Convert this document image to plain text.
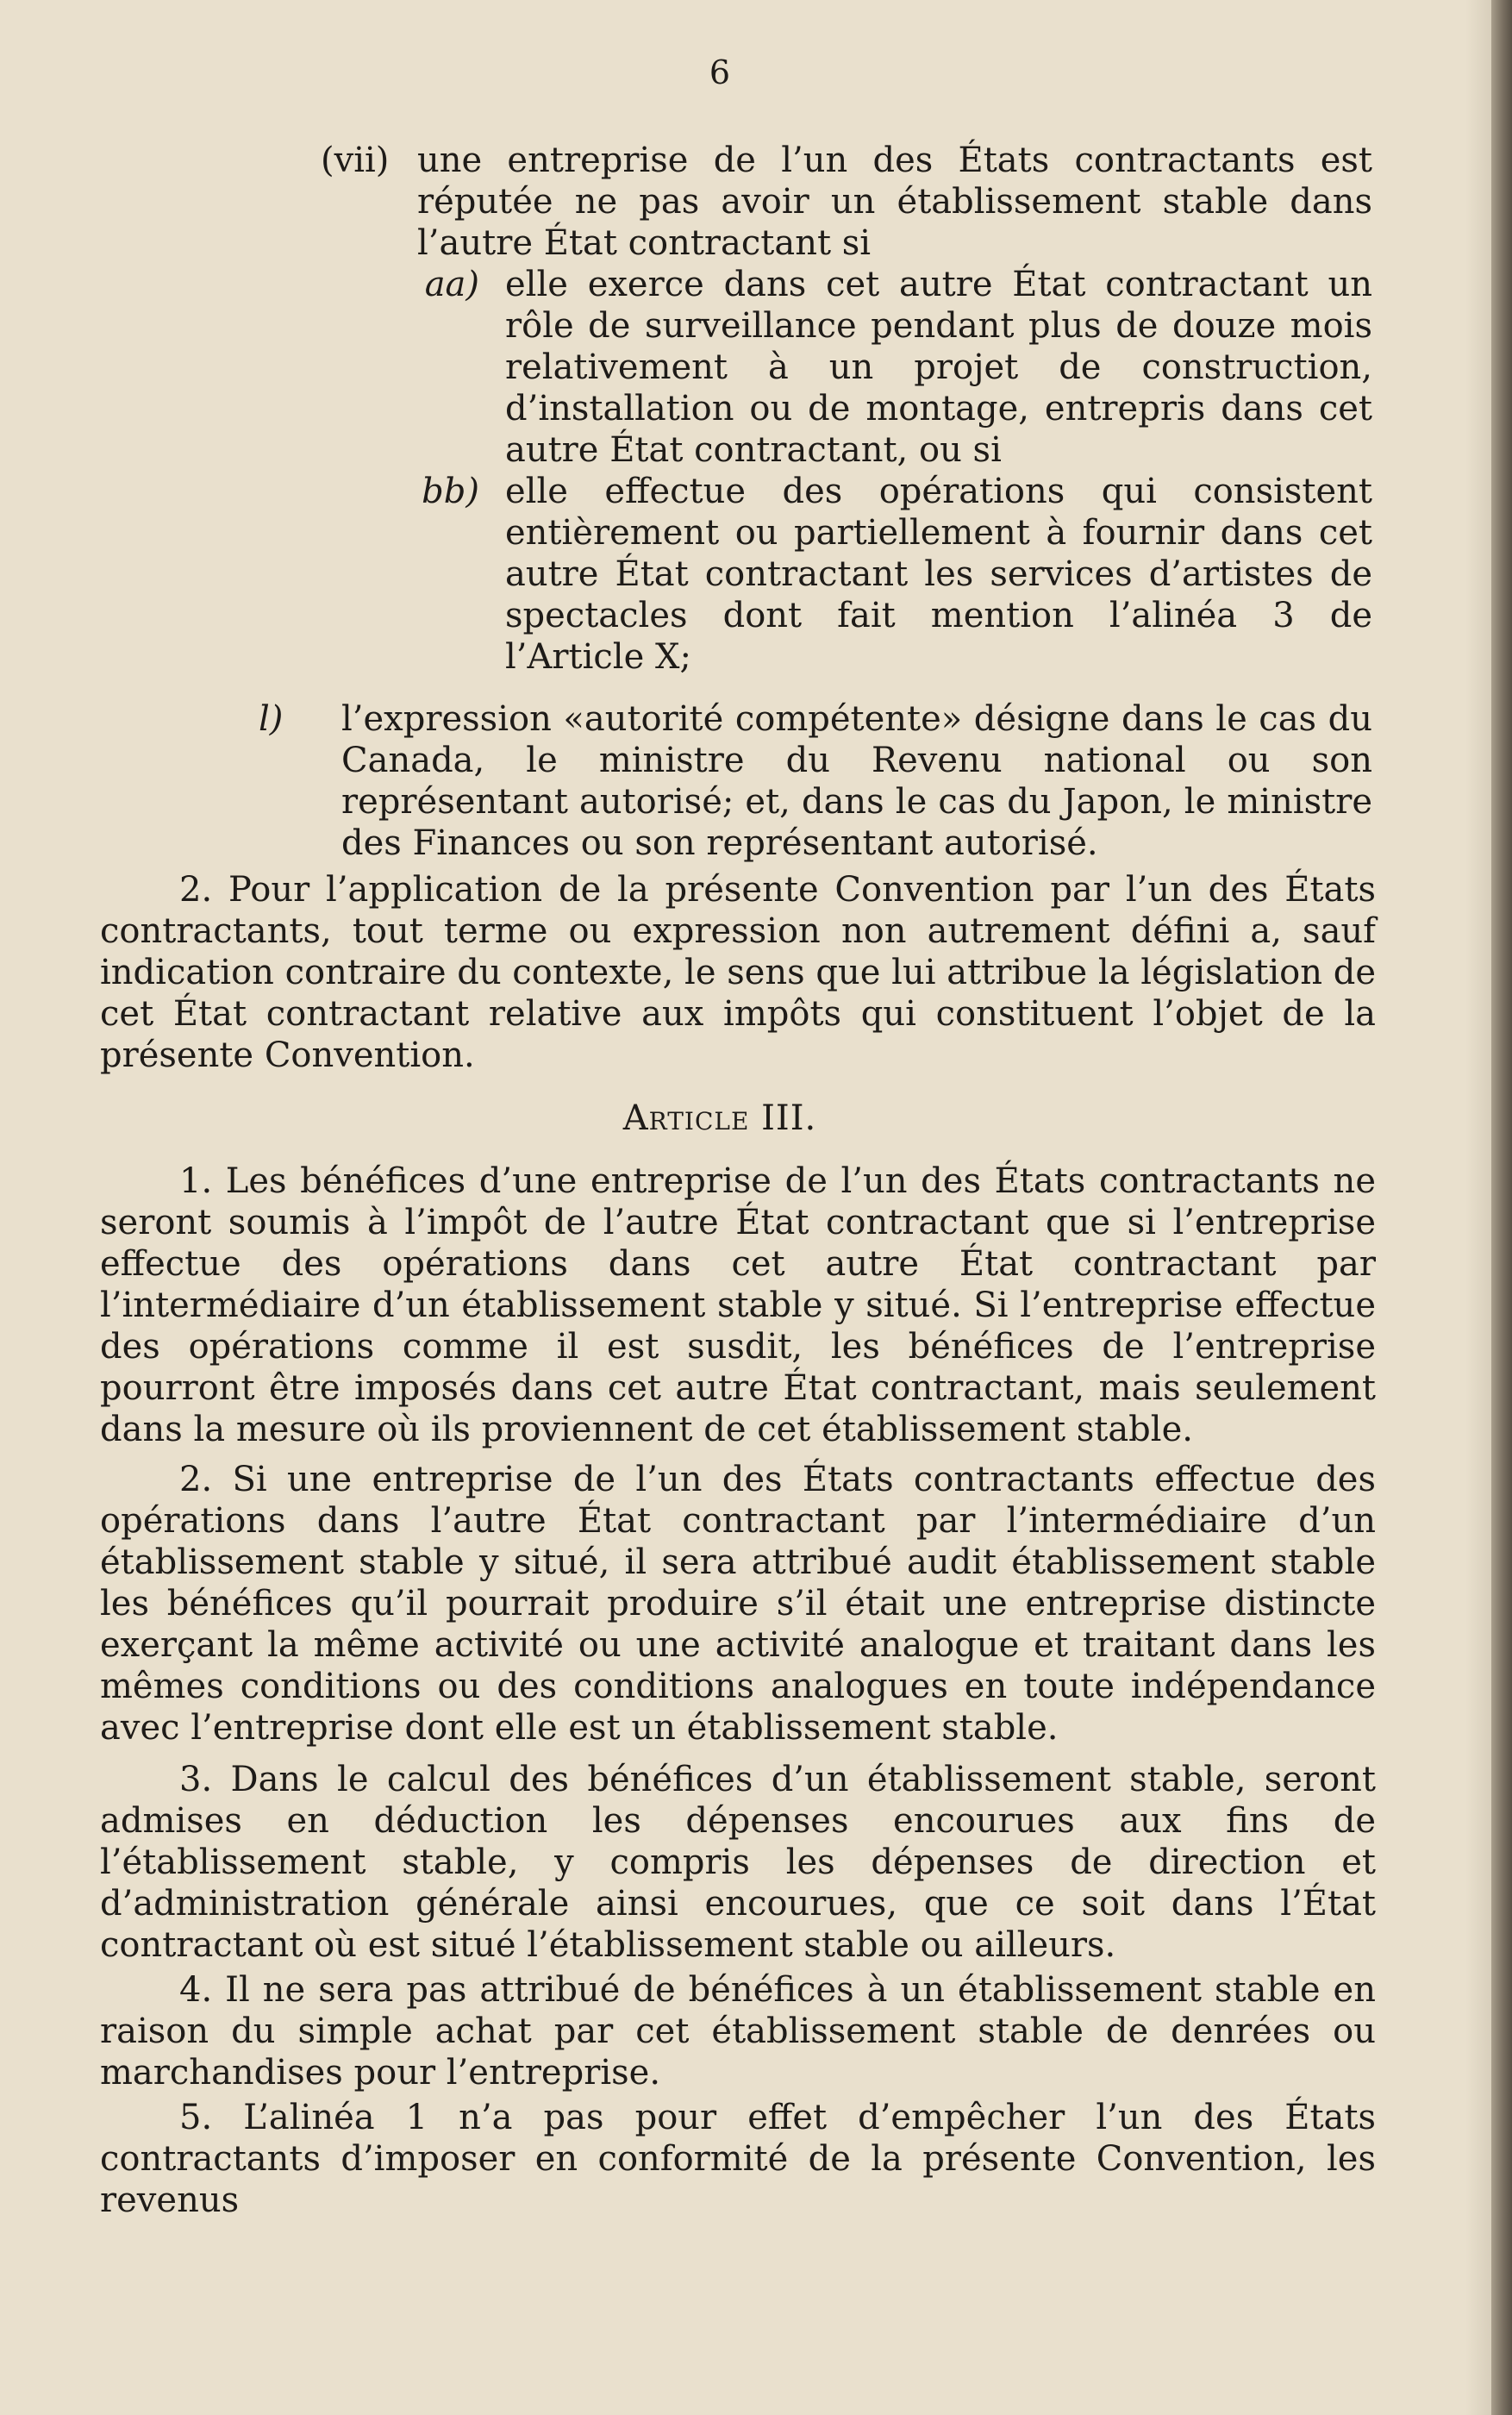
6
(vii) une entreprise de l’un des États contractants est réputée ne pas avoir un établissement stable dans l’autre État contractant si
aa) elle exerce dans cet autre État contractant un rôle de surveillance pendant plus de douze mois relativement à un projet de construction, d’installation ou de montage, entrepris dans cet autre État contractant, ou si
bb) elle effectue des opérations qui consistent entièrement ou partiellement à fournir dans cet autre État contractant les services d’artistes de spectacles dont fait mention l’alinéa 3 de l’Article X;
l)	l’expression «autorité compétente» désigne dans le cas du Canada, le ministre du Revenu national ou son représentant autorisé; et, dans le cas du Japon, le ministre des Finances ou son représentant autorisé.
2. Pour l’application de la présente Convention par l’un des États contractants, tout terme ou expression non autrement défini a, sauf indication contraire du contexte, le sens que lui attribue la législation de cet État contractant relative aux impôts qui constituent l’objet de la présente Convention.
Article III.
1. Les bénéfices d’une entreprise de l’un des États contractants ne seront soumis à l’impôt de l’autre État contractant que si l’entreprise effectue des opérations dans cet autre État contractant par l’intermédiaire d’un établissement stable y situé. Si l’entreprise effectue des opérations comme il est susdit, les bénéfices de l’entreprise pourront être imposés dans cet autre État contractant, mais seulement dans la mesure où ils proviennent de cet établissement stable.
2. Si une entreprise de l’un des États contractants effectue des opérations dans l’autre État contractant par l’intermédiaire d’un établissement stable y situé, il sera attribué audit établissement stable les bénéfices qu’il pourrait produire s’il était une entreprise distincte exerçant la même activité ou une activité analogue et traitant dans les mêmes conditions ou des conditions analogues en toute indépendance avec l’entreprise dont elle est un établissement stable.
3. Dans le calcul des bénéfices d’un établissement stable, seront admises en déduction les dépenses encourues aux fins de l’établissement stable, y compris les dépenses de direction et d’administration générale ainsi encourues, que ce soit dans l’État contractant où est situé l’établissement stable ou ailleurs.
4. Il ne sera pas attribué de bénéfices à un établissement stable en raison du simple achat par cet établissement stable de denrées ou marchandises pour l’entreprise.
5. L’alinéa 1 n’a pas pour effet d’empêcher l’un des États contractants d’imposer en conformité de la présente Convention, les revenus
